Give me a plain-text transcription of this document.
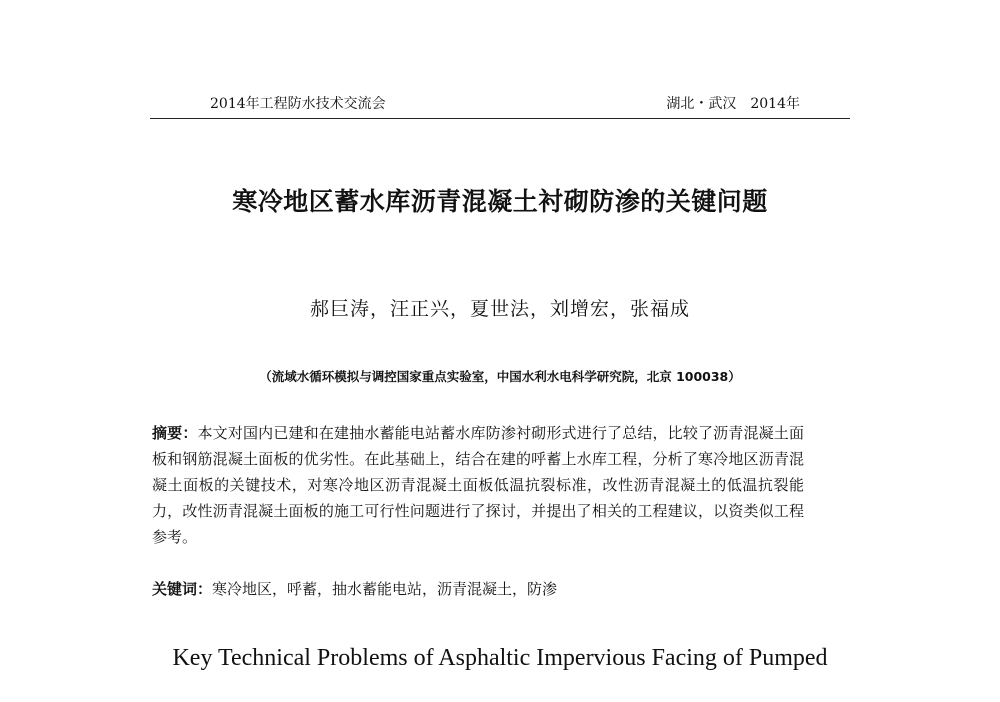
2014年工程防水技术交流会	湖北・武汉　2014年
寒冷地区蓄水库沥青混凝土衬砌防渗的关键问题
郝巨涛，汪正兴，夏世法，刘增宏，张福成
（流域水循环模拟与调控国家重点实验室，中国水利水电科学研究院，北京 100038）

摘要：本文对国内已建和在建抽水蓄能电站蓄水库防渗衬砌形式进行了总结，比较了沥青混凝土面板和钢筋混凝土面板的优劣性。在此基础上，结合在建的呼蓄上水库工程，分析了寒冷地区沥青混凝土面板的关键技术，对寒冷地区沥青混凝土面板低温抗裂标准，改性沥青混凝土的低温抗裂能力，改性沥青混凝土面板的施工可行性问题进行了探讨，并提出了相关的工程建议，以资类似工程参考。

关键词：寒冷地区，呼蓄，抽水蓄能电站，沥青混凝土，防渗

Key Technical Problems of Asphaltic Impervious Facing of Pumped
